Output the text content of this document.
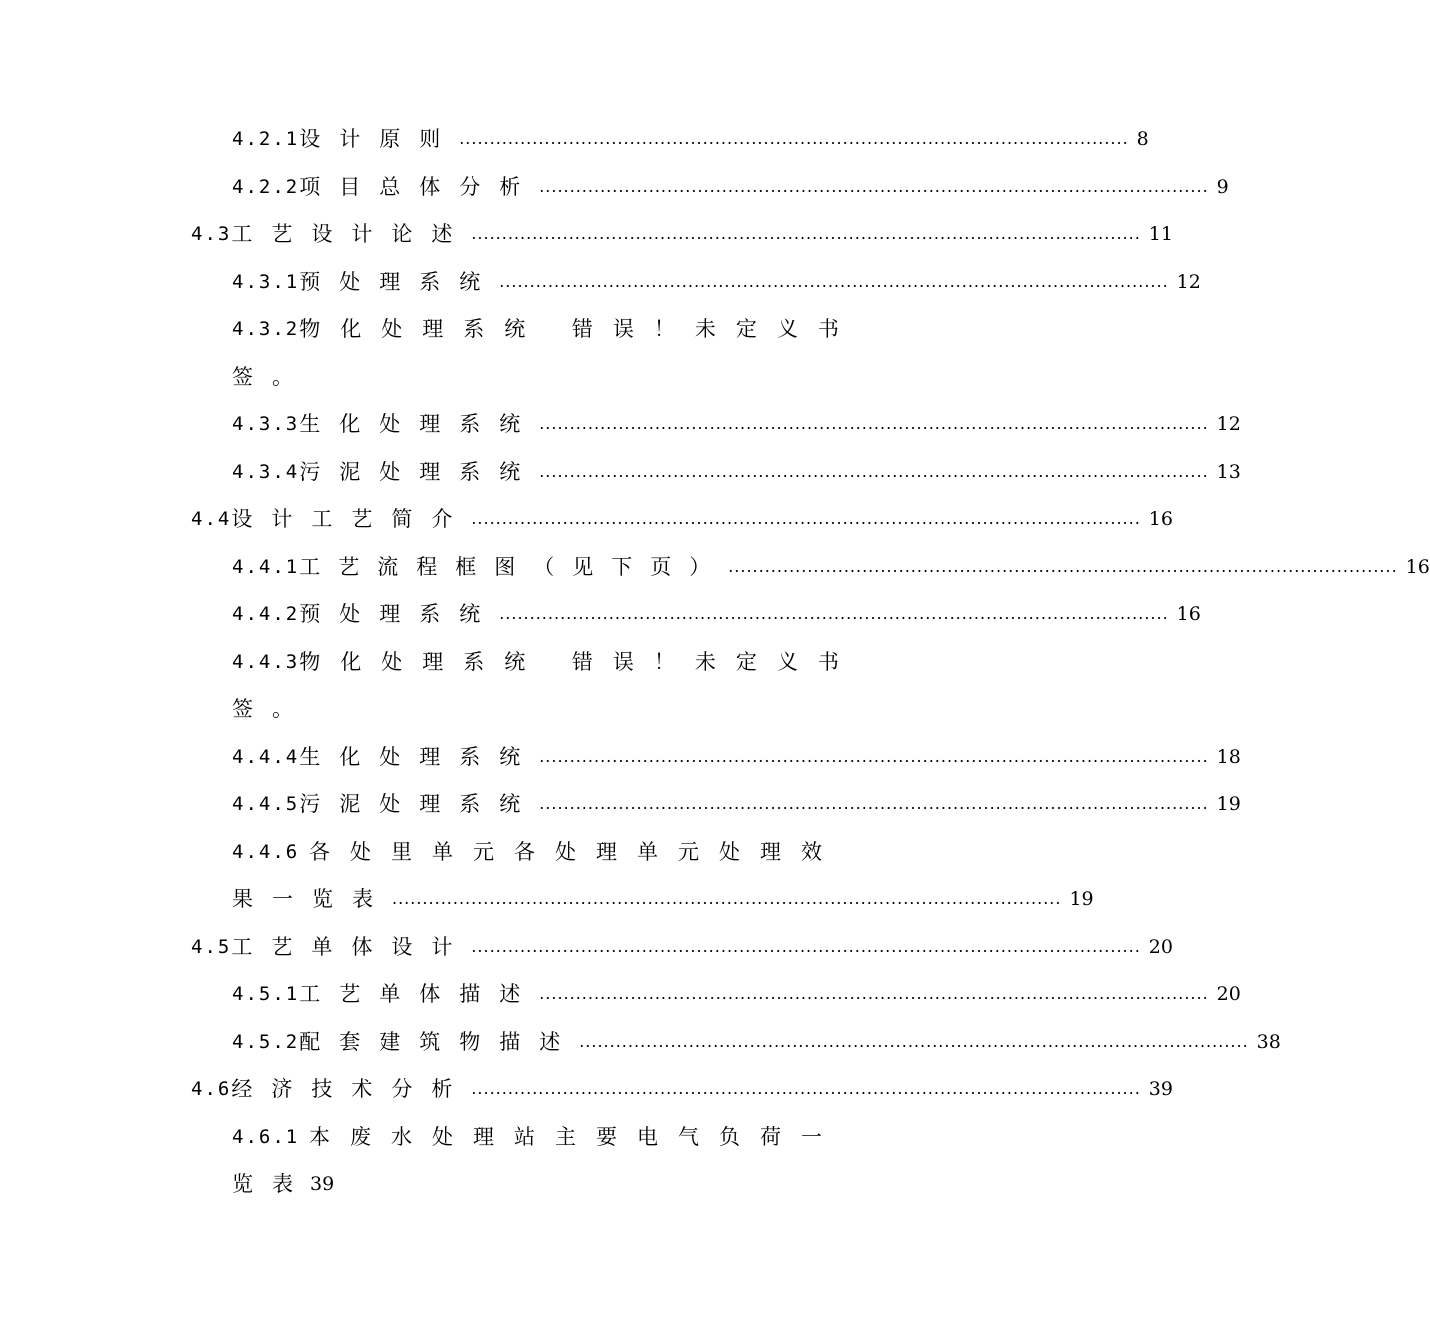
4.2.1 设计原则 .............................................................................................................. 8
4.2.2 项目总体分析 .............................................................................................................. 9
4.3 工艺设计论述 .............................................................................................................. 11
4.3.1 预处理系统 .............................................................................................................. 12
4.3.2 物化处理系统 错误！未定义书
签。
4.3.3 生化处理系统 .............................................................................................................. 12
4.3.4 污泥处理系统 .............................................................................................................. 13
4.4 设计工艺简介 .............................................................................................................. 16
4.4.1 工艺流程框图（见下页） .............................................................................................................. 16
4.4.2 预处理系统 .............................................................................................................. 16
4.4.3 物化处理系统 错误！未定义书
签。
4.4.4 生化处理系统 .............................................................................................................. 18
4.4.5 污泥处理系统 .............................................................................................................. 19
4.4.6 各处里单元各处理单元处理效
果一览表 .............................................................................................................. 19
4.5 工艺单体设计 .............................................................................................................. 20
4.5.1 工艺单体描述 .............................................................................................................. 20
4.5.2 配套建筑物描述 .............................................................................................................. 38
4.6 经济技术分析 .............................................................................................................. 39
4.6.1 本废水处理站主要电气负荷一
览表
39
